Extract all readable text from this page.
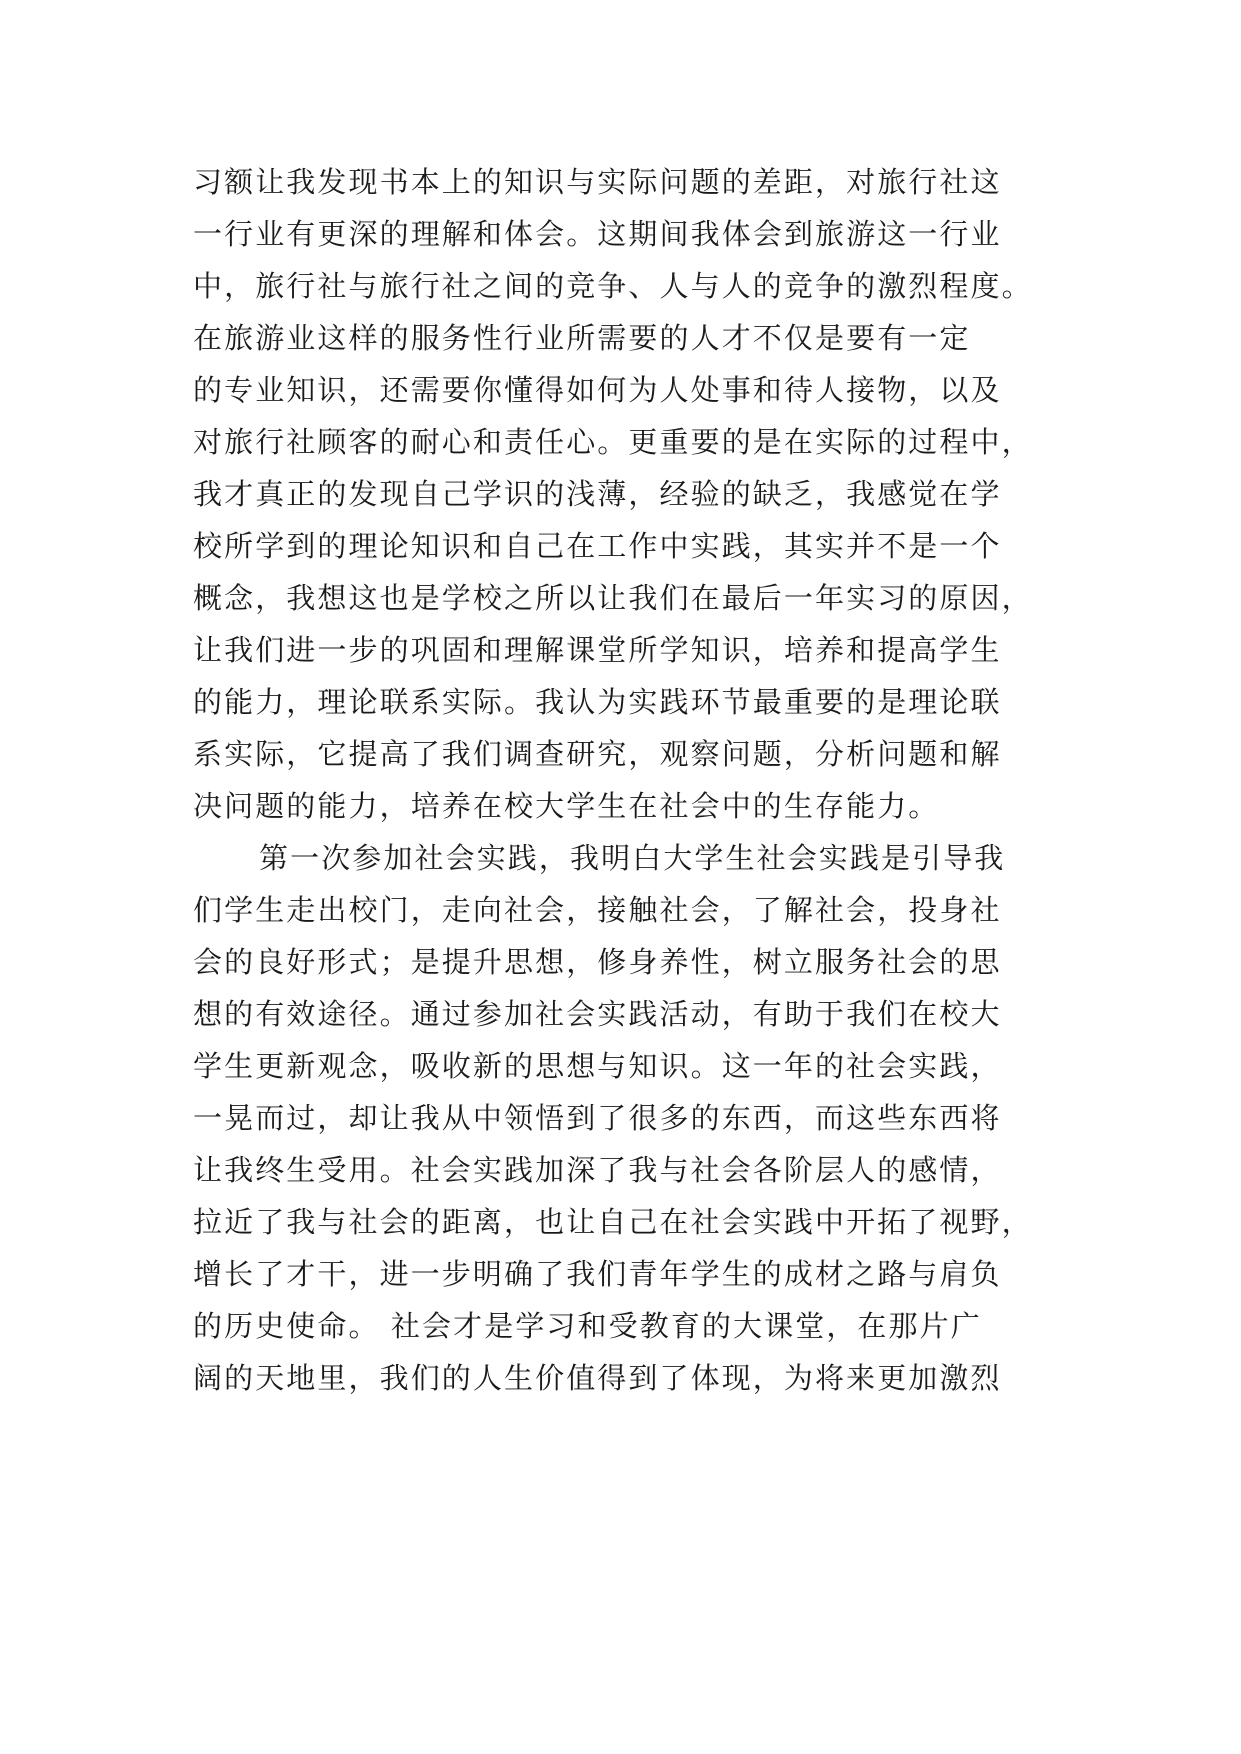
习额让我发现书本上的知识与实际问题的差距，对旅行社这
一行业有更深的理解和体会。这期间我体会到旅游这一行业
中，旅行社与旅行社之间的竞争、人与人的竞争的激烈程度。
在旅游业这样的服务性行业所需要的人才不仅是要有一定
的专业知识，还需要你懂得如何为人处事和待人接物，以及
对旅行社顾客的耐心和责任心。更重要的是在实际的过程中，
我才真正的发现自己学识的浅薄，经验的缺乏，我感觉在学
校所学到的理论知识和自己在工作中实践，其实并不是一个
概念，我想这也是学校之所以让我们在最后一年实习的原因，
让我们进一步的巩固和理解课堂所学知识，培养和提高学生
的能力，理论联系实际。我认为实践环节最重要的是理论联
系实际，它提高了我们调查研究，观察问题，分析问题和解
决问题的能力，培养在校大学生在社会中的生存能力。
第一次参加社会实践，我明白大学生社会实践是引导我
们学生走出校门，走向社会，接触社会，了解社会，投身社
会的良好形式；是提升思想，修身养性，树立服务社会的思
想的有效途径。通过参加社会实践活动，有助于我们在校大
学生更新观念，吸收新的思想与知识。这一年的社会实践，
一晃而过，却让我从中领悟到了很多的东西，而这些东西将
让我终生受用。社会实践加深了我与社会各阶层人的感情，
拉近了我与社会的距离，也让自己在社会实践中开拓了视野，
增长了才干，进一步明确了我们青年学生的成材之路与肩负
的历史使命。 社会才是学习和受教育的大课堂，在那片广
阔的天地里，我们的人生价值得到了体现，为将来更加激烈
